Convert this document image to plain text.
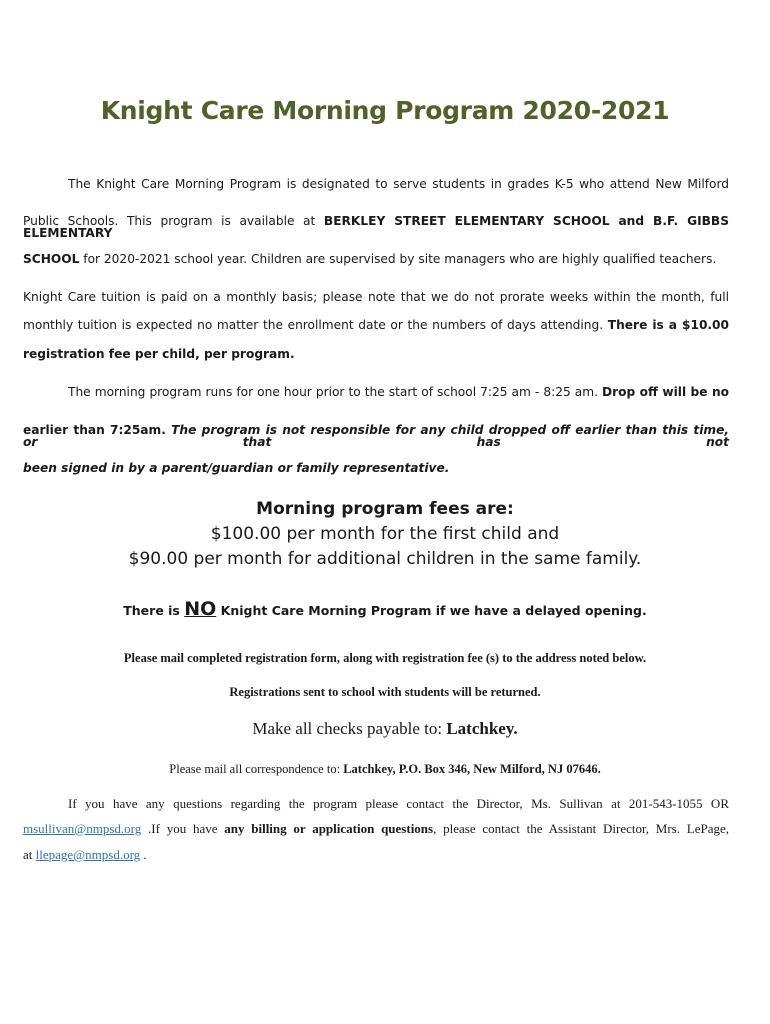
Knight Care Morning Program 2020-2021

The Knight Care Morning Program is designated to serve students in grades K-5 who attend New Milford

Public Schools. This program is available at BERKLEY STREET ELEMENTARY SCHOOL and B.F. GIBBS ELEMENTARY

SCHOOL for 2020-2021 school year. Children are supervised by site managers who are highly qualified teachers.

Knight Care tuition is paid on a monthly basis; please note that we do not prorate weeks within the month, full

monthly tuition is expected no matter the enrollment date or the numbers of days attending. There is a $10.00

registration fee per child, per program.

The morning program runs for one hour prior to the start of school 7:25 am - 8:25 am. Drop off will be no

earlier than 7:25am. The program is not responsible for any child dropped off earlier than this time, or that has not

been signed in by a parent/guardian or family representative.

Morning program fees are:
$100.00 per month for the first child and
$90.00 per month for additional children in the same family.
There is NO Knight Care Morning Program if we have a delayed opening.
Please mail completed registration form, along with registration fee (s) to the address noted below.
Registrations sent to school with students will be returned.
Make all checks payable to: Latchkey.
Please mail all correspondence to: Latchkey, P.O. Box 346, New Milford, NJ 07646.

If you have any questions regarding the program please contact the Director, Ms. Sullivan at 201-543-1055 OR

msullivan@nmpsd.org .If you have any billing or application questions, please contact the Assistant Director, Mrs. LePage,

at llepage@nmpsd.org .
